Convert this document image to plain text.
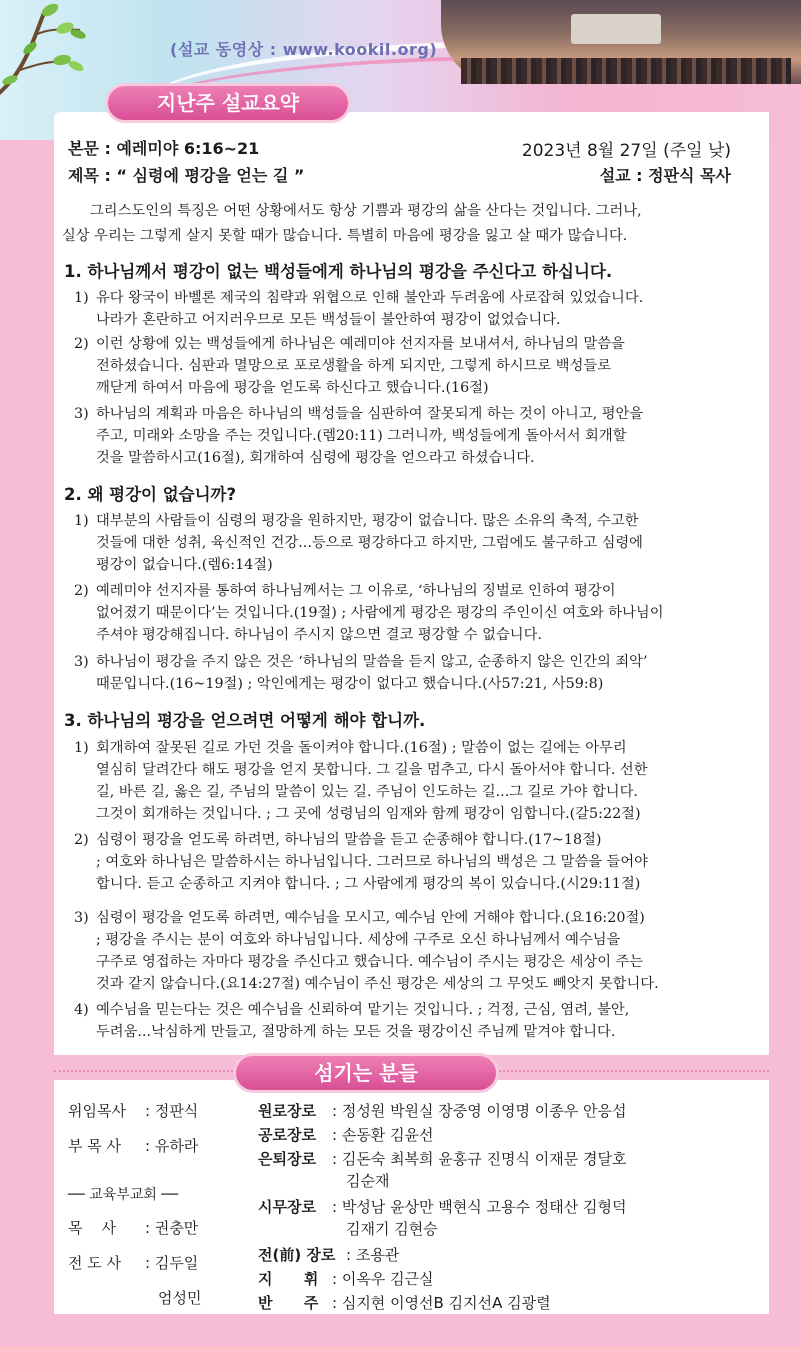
(설교 동영상 : www.kookil.org)
지난주 설교요약
섬기는 분들
본문 : 예레미야 6:16~21	2023년 8월 27일 (주일 낮)
제목 : “ 심령에 평강을 얻는 길 ”	설교 : 정판식 목사
그리스도인의 특징은 어떤 상황에서도 항상 기쁨과 평강의 삶을 산다는 것입니다. 그러나,
실상 우리는 그렇게 살지 못할 때가 많습니다. 특별히 마음에 평강을 잃고 살 때가 많습니다.
1. 하나님께서 평강이 없는 백성들에게 하나님의 평강을 주신다고 하십니다.
1) 유다 왕국이 바벨론 제국의 침략과 위협으로 인해 불안과 두려움에 사로잡혀 있었습니다.
나라가 혼란하고 어지러우므로 모든 백성들이 불안하여 평강이 없었습니다.
2) 이런 상황에 있는 백성들에게 하나님은 예레미야 선지자를 보내셔서, 하나님의 말씀을
전하셨습니다. 심판과 멸망으로 포로생활을 하게 되지만, 그렇게 하시므로 백성들로
깨닫게 하여서 마음에 평강을 얻도록 하신다고 했습니다.(16절)
3) 하나님의 계획과 마음은 하나님의 백성들을 심판하여 잘못되게 하는 것이 아니고, 평안을
주고, 미래와 소망을 주는 것입니다.(렘20:11) 그러니까, 백성들에게 돌아서서 회개할
것을 말씀하시고(16절), 회개하여 심령에 평강을 얻으라고 하셨습니다.
2. 왜 평강이 없습니까?
1) 대부분의 사람들이 심령의 평강을 원하지만, 평강이 없습니다. 많은 소유의 축적, 수고한
것들에 대한 성취, 육신적인 건강...등으로 평강하다고 하지만, 그럼에도 불구하고 심령에
평강이 없습니다.(렘6:14절)
2) 예레미야 선지자를 통하여 하나님께서는 그 이유로, ‘하나님의 징벌로 인하여 평강이
없어졌기 때문이다’는 것입니다.(19절) ; 사람에게 평강은 평강의 주인이신 여호와 하나님이
주셔야 평강해집니다. 하나님이 주시지 않으면 결코 평강할 수 없습니다.
3) 하나님이 평강을 주지 않은 것은 ‘하나님의 말씀을 듣지 않고, 순종하지 않은 인간의 죄악’
때문입니다.(16~19절) ; 악인에게는 평강이 없다고 했습니다.(사57:21, 사59:8)
3. 하나님의 평강을 얻으려면 어떻게 해야 합니까.
1) 회개하여 잘못된 길로 가던 것을 돌이켜야 합니다.(16절) ; 말씀이 없는 길에는 아무리
열심히 달려간다 해도 평강을 얻지 못합니다. 그 길을 멈추고, 다시 돌아서야 합니다. 선한
길, 바른 길, 옳은 길, 주님의 말씀이 있는 길. 주님이 인도하는 길...그 길로 가야 합니다.
그것이 회개하는 것입니다. ; 그 곳에 성령님의 임재와 함께 평강이 임합니다.(갈5:22절)
2) 심령이 평강을 얻도록 하려면, 하나님의 말씀을 듣고 순종해야 합니다.(17~18절)
; 여호와 하나님은 말씀하시는 하나님입니다. 그러므로 하나님의 백성은 그 말씀을 들어야
합니다. 듣고 순종하고 지켜야 합니다. ; 그 사람에게 평강의 복이 있습니다.(시29:11절)
3) 심령이 평강을 얻도록 하려면, 예수님을 모시고, 예수님 안에 거해야 합니다.(요16:20절)
; 평강을 주시는 분이 여호와 하나님입니다. 세상에 구주로 오신 하나님께서 예수님을
구주로 영접하는 자마다 평강을 주신다고 했습니다. 예수님이 주시는 평강은 세상이 주는
것과 같지 않습니다.(요14:27절) 예수님이 주신 평강은 세상의 그 무엇도 빼앗지 못합니다.
4) 예수님을 믿는다는 것은 예수님을 신뢰하여 맡기는 것입니다. ; 걱정, 근심, 염려, 불안,
두려움...낙심하게 만들고, 절망하게 하는 모든 것을 평강이신 주님께 맡겨야 합니다.
위임목사 : 정판식
부 목 사 : 유하라
── 교육부교회 ──
목    사 : 권충만
전 도 사 : 김두일
엄성민
원로장로 : 정성원 박원실 장중영 이영명 이종우 안응섭
공로장로 : 손동환 김윤선
은퇴장로 : 김돈숙 최복희 윤홍규 진명식 이재문 경달호
김순재
시무장로 : 박성남 윤상만 백현식 고용수 정태산 김형덕
김재기 김현승
전(前) 장로 : 조용관
지      휘 : 이옥우 김근실
반      주 : 심지현 이영선B 김지선A 김광렬
